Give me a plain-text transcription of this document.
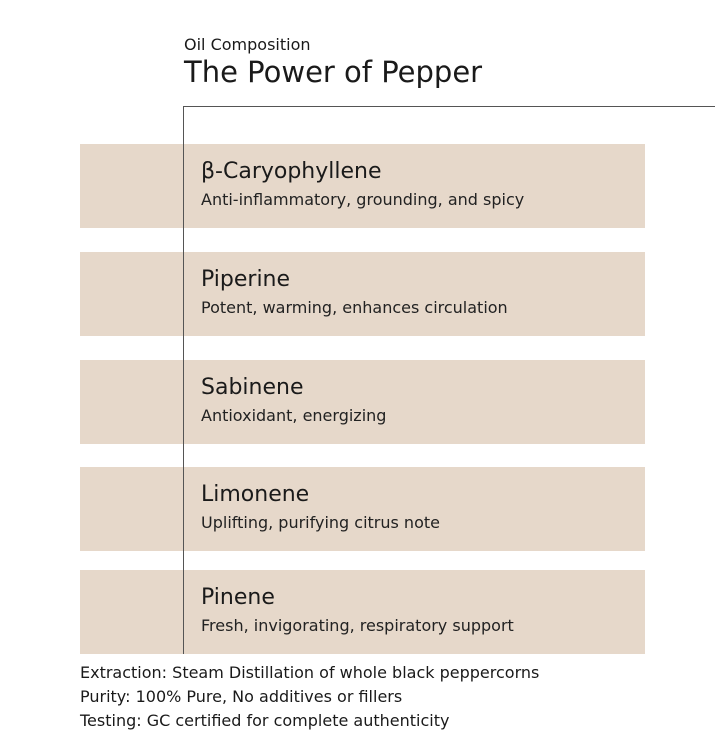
Oil Composition
The Power of Pepper
β-Caryophyllene
Anti-inflammatory, grounding, and spicy
Piperine
Potent, warming, enhances circulation
Sabinene
Antioxidant, energizing
Limonene
Uplifting, purifying citrus note
Pinene
Fresh, invigorating, respiratory support
Extraction: Steam Distillation of whole black peppercorns
Purity: 100% Pure, No additives or fillers
Testing: GC certified for complete authenticity
